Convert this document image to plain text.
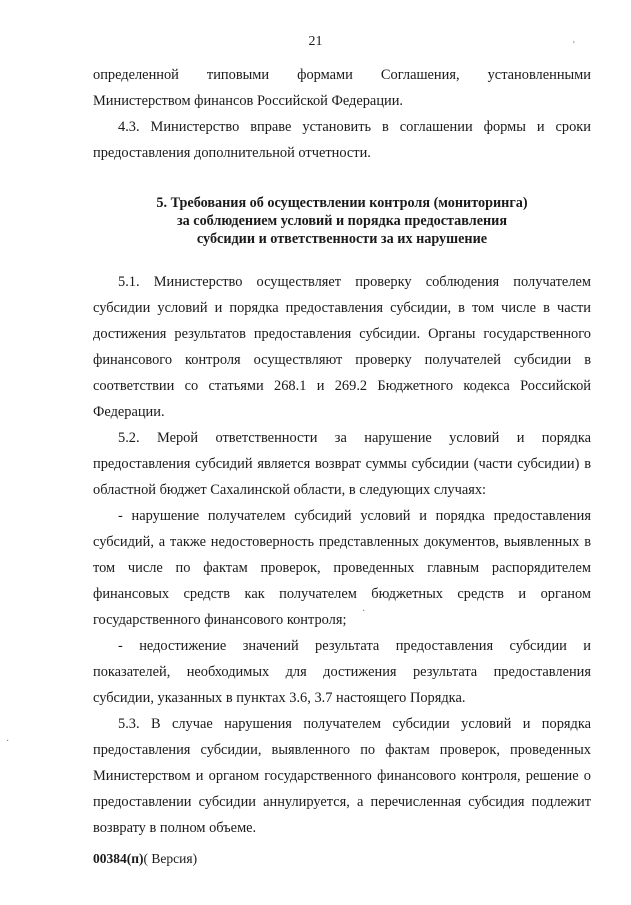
21	'

определенной типовыми формами Соглашения, установленными

Министерством финансов Российской Федерации.

4.3. Министерство вправе установить в соглашении формы и сроки предоставления дополнительной отчетности.

5. Требования об осуществлении контроля (мониторинга)
за соблюдением условий и порядка предоставления
субсидии и ответственности за их нарушение

5.1. Министерство осуществляет проверку соблюдения получателем субсидии условий и порядка предоставления субсидии, в том числе в части достижения результатов предоставления субсидии. Органы государственного финансового контроля осуществляют проверку получателей субсидии в соответствии со статьями 268.1 и 269.2 Бюджетного кодекса Российской Федерации.

5.2. Мерой ответственности за нарушение условий и порядка предоставления субсидий является возврат суммы субсидии (части субсидии) в областной бюджет Сахалинской области, в следующих случаях:

- нарушение получателем субсидий условий и порядка предоставления субсидий, а также недостоверность представленных документов, выявленных в том числе по фактам проверок, проведенных главным распорядителем финансовых средств как получателем бюджетных средств и органом государственного финансового контроля;

- недостижение значений результата предоставления субсидии и показателей, необходимых для достижения результата предоставления субсидии, указанных в пунктах 3.6, 3.7 настоящего Порядка.

5.3. В случае нарушения получателем субсидии условий и порядка предоставления субсидии, выявленного по фактам проверок, проведенных Министерством и органом государственного финансового контроля, решение о предоставлении субсидии аннулируется, а перечисленная субсидия подлежит возврату в полном объеме.

·
·
00384(п)( Версия)
